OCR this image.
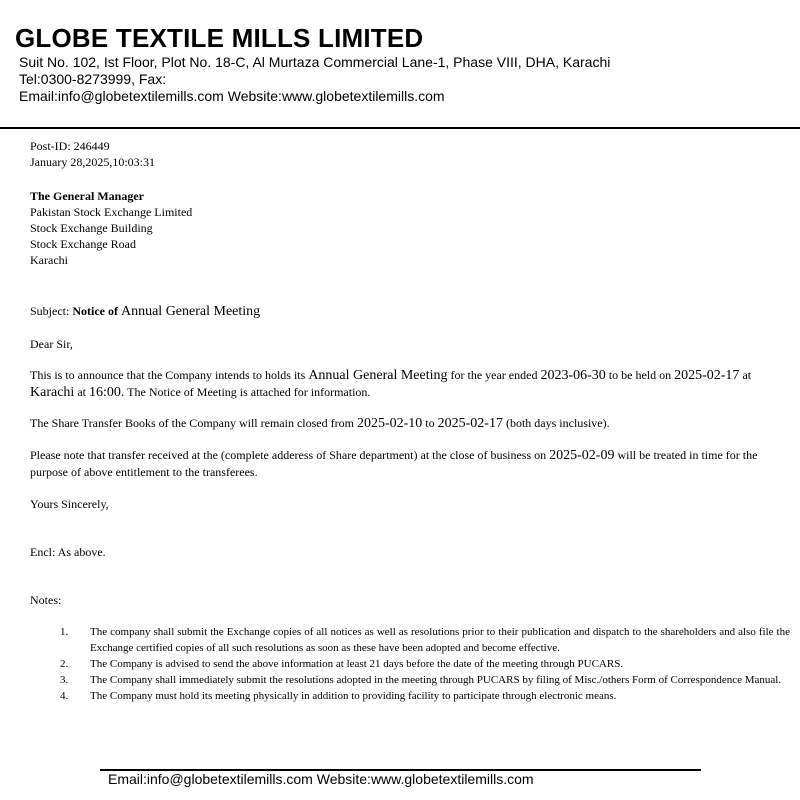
GLOBE TEXTILE MILLS LIMITED
Suit No. 102, Ist Floor, Plot No. 18-C, Al Murtaza Commercial Lane-1, Phase VIII, DHA, Karachi
Tel:0300-8273999, Fax:
Email:info@globetextilemills.com Website:www.globetextilemills.com
Post-ID: 246449
January 28,2025,10:03:31
The General Manager
Pakistan Stock Exchange Limited
Stock Exchange Building
Stock Exchange Road
Karachi
Subject: Notice of Annual General Meeting
Dear Sir,
This is to announce that the Company intends to holds its Annual General Meeting for the year ended 2023-06-30 to be held on 2025-02-17 at Karachi at 16:00. The Notice of Meeting is attached for information.
The Share Transfer Books of the Company will remain closed from 2025-02-10 to 2025-02-17 (both days inclusive).
Please note that transfer received at the (complete adderess of Share department) at the close of business on 2025-02-09 will be treated in time for the purpose of above entitlement to the transferees.
Yours Sincerely,
Encl: As above.
Notes:
1. The company shall submit the Exchange copies of all notices as well as resolutions prior to their publication and dispatch to the shareholders and also file the Exchange certified copies of all such resolutions as soon as these have been adopted and become effective.
2. The Company is advised to send the above information at least 21 days before the date of the meeting through PUCARS.
3. The Company shall immediately submit the resolutions adopted in the meeting through PUCARS by filing of Misc./others Form of Correspondence Manual.
4. The Company must hold its meeting physically in addition to providing facility to participate through electronic means.
Email:info@globetextilemills.com Website:www.globetextilemills.com
